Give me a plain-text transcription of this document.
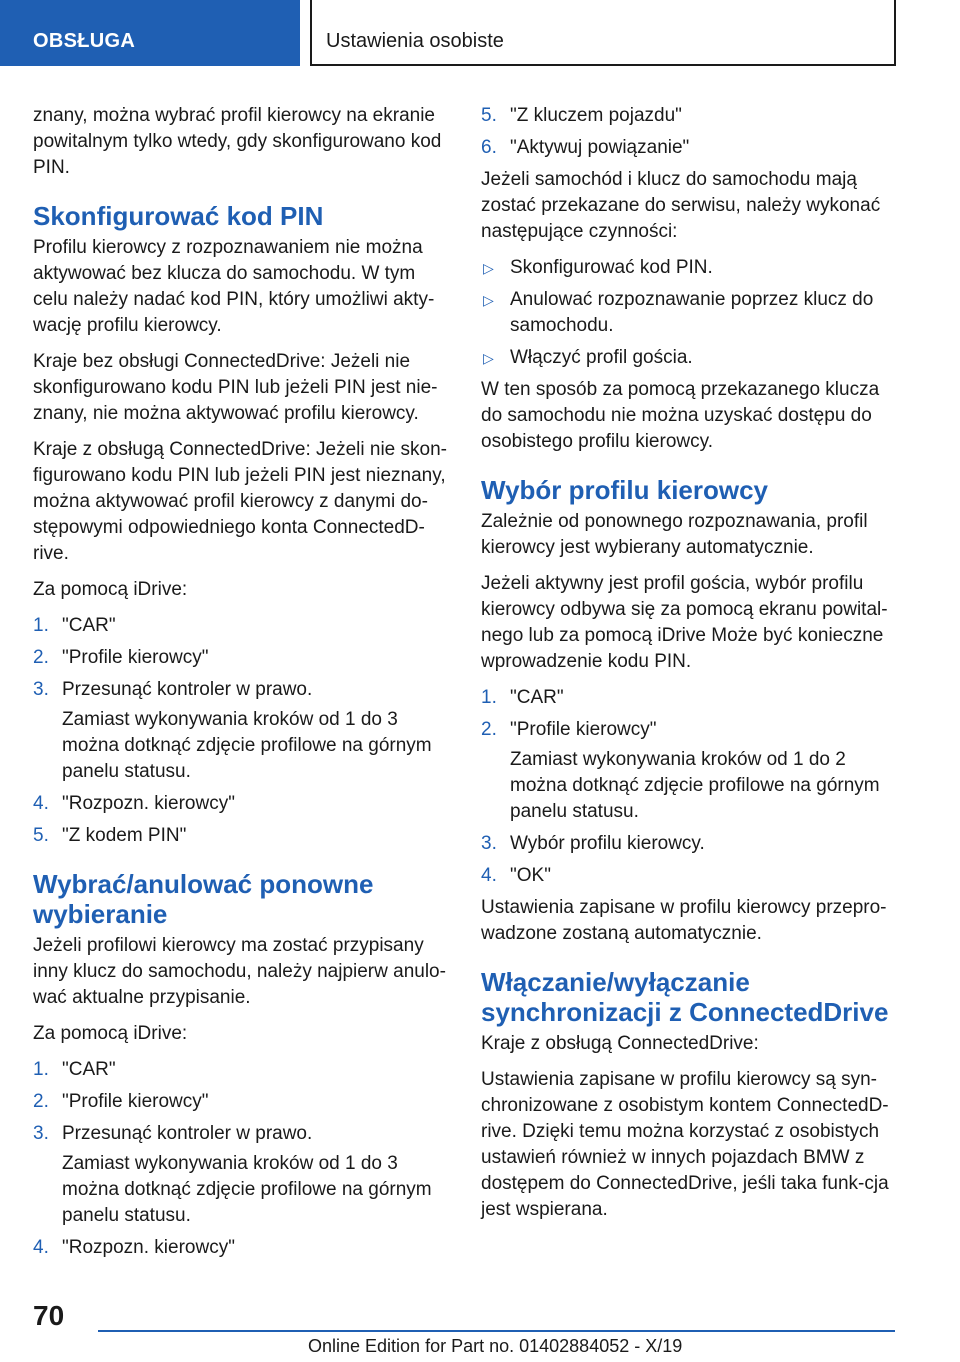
OBSŁUGA	Ustawienia osobiste

znany, można wybrać profil kierowcy na ekranie powitalnym tylko wtedy, gdy skonfigurowano kod PIN.

Skonfigurować kod PIN

Profilu kierowcy z rozpoznawaniem nie można aktywować bez klucza do samochodu. W tym celu należy nadać kod PIN, który umożliwi akty‐wację profilu kierowcy.

Kraje bez obsługi ConnectedDrive: Jeżeli nie skonfigurowano kodu PIN lub jeżeli PIN jest nie‐znany, nie można aktywować profilu kierowcy.

Kraje z obsługą ConnectedDrive: Jeżeli nie skon‐figurowano kodu PIN lub jeżeli PIN jest nieznany, można aktywować profil kierowcy z danymi do‐stępowymi odpowiedniego konta ConnectedD‐rive.

Za pomocą iDrive:

1. "CAR"
2. "Profile kierowcy"
3. Przesunąć kontroler w prawo.
Zamiast wykonywania kroków od 1 do 3 można dotknąć zdjęcie profilowe na górnym panelu statusu.
4. "Rozpozn. kierowcy"
5. "Z kodem PIN"
Wybrać/anulować ponowne wybieranie

Jeżeli profilowi kierowcy ma zostać przypisany inny klucz do samochodu, należy najpierw anulo‐wać aktualne przypisanie.

Za pomocą iDrive:

1. "CAR"
2. "Profile kierowcy"
3. Przesunąć kontroler w prawo.
Zamiast wykonywania kroków od 1 do 3 można dotknąć zdjęcie profilowe na górnym panelu statusu.
4. "Rozpozn. kierowcy"
5. "Z kluczem pojazdu"
6. "Aktywuj powiązanie"

Jeżeli samochód i klucz do samochodu mają zostać przekazane do serwisu, należy wykonać następujące czynności:

▷ Skonfigurować kod PIN.
▷ Anulować rozpoznawanie poprzez klucz do samochodu.
▷ Włączyć profil gościa.

W ten sposób za pomocą przekazanego klucza do samochodu nie można uzyskać dostępu do osobistego profilu kierowcy.

Wybór profilu kierowcy

Zależnie od ponownego rozpoznawania, profil kierowcy jest wybierany automatycznie.

Jeżeli aktywny jest profil gościa, wybór profilu kierowcy odbywa się za pomocą ekranu powital‐nego lub za pomocą iDrive Może być konieczne wprowadzenie kodu PIN.

1. "CAR"
2. "Profile kierowcy"
Zamiast wykonywania kroków od 1 do 2 można dotknąć zdjęcie profilowe na górnym panelu statusu.
3. Wybór profilu kierowcy.
4. "OK"

Ustawienia zapisane w profilu kierowcy przepro‐wadzone zostaną automatycznie.

Włączanie/wyłączanie synchronizacji z ConnectedDrive

Kraje z obsługą ConnectedDrive:

Ustawienia zapisane w profilu kierowcy są syn‐chronizowane z osobistym kontem ConnectedD‐rive. Dzięki temu można korzystać z osobistych ustawień również w innych pojazdach BMW z dostępem do ConnectedDrive, jeśli taka funk‐cja jest wspierana.

70
Online Edition for Part no. 01402884052 - X/19
